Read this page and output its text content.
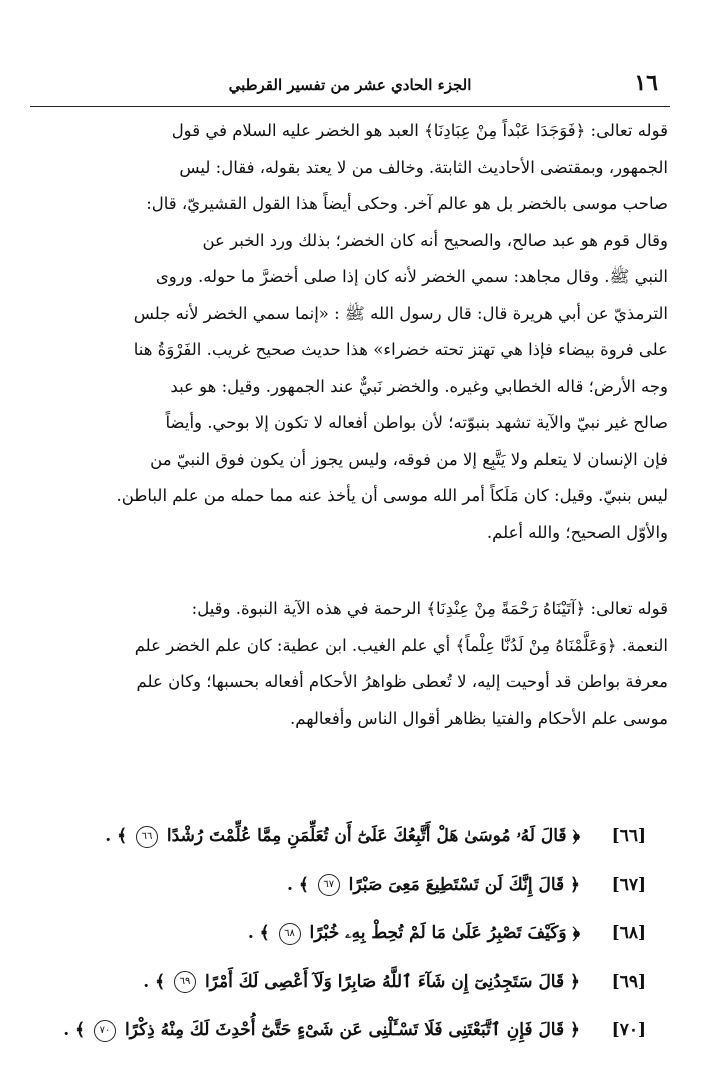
١٦
الجزء الحادي عشر من تفسير القرطبي

قوله تعالى: ﴿فَوَجَدَا عَبْداً مِنْ عِبَادِنَا﴾ العبد هو الخضر عليه السلام في قول

الجمهور، وبمقتضى الأحاديث الثابتة. وخالف من لا يعتد بقوله، فقال: ليس

صاحب موسى بالخضر بل هو عالم آخر. وحكى أيضاً هذا القول القشيريّ، قال:

وقال قوم هو عبد صالح، والصحيح أنه كان الخضر؛ بذلك ورد الخبر عن

النبي ﷺ. وقال مجاهد: سمي الخضر لأنه كان إذا صلى أخضرَّ ما حوله. وروى

الترمذيّ عن أبي هريرة قال: قال رسول الله ﷺ : «إنما سمي الخضر لأنه جلس

على فروة بيضاء فإذا هي تهتز تحته خضراء» هذا حديث صحيح غريب. الفَرْوَةُ هنا

وجه الأرض؛ قاله الخطابي وغيره. والخضر نَبيٌّ عند الجمهور. وقيل: هو عبد

صالح غير نبيّ والآية تشهد بنبوّته؛ لأن بواطن أفعاله لا تكون إلا بوحي. وأيضاً

فإن الإنسان لا يتعلم ولا يَتَّبِع إلا من فوقه، وليس يجوز أن يكون فوق النبيّ من

ليس بنبيّ. وقيل: كان مَلَكاً أمر الله موسى أن يأخذ عنه مما حمله من علم الباطن.

والأوّل الصحيح؛ والله أعلم.

قوله تعالى: ﴿آتَيْنَاهُ رَحْمَةً مِنْ عِنْدِنَا﴾ الرحمة في هذه الآية النبوة. وقيل:

النعمة. ﴿وَعَلَّمْنَاهُ مِنْ لَدُنَّا عِلْماً﴾ أي علم الغيب. ابن عطية: كان علم الخضر علم

معرفة بواطن قد أوحيت إليه، لا تُعطى ظواهرُ الأحكام أفعاله بحسبها؛ وكان علم

موسى علم الأحكام والفتيا بظاهر أقوال الناس وأفعالهم.

[٦٦]
﴿ قَالَ لَهُۥ مُوسَىٰ هَلْ أَتَّبِعُكَ عَلَىٰٓ أَن تُعَلِّمَنِ مِمَّا عُلِّمْتَ رُشْدًا ٦٦ ﴾ .
[٦٧]
﴿ قَالَ إِنَّكَ لَن تَسْتَطِيعَ مَعِىَ صَبْرًا ٦٧ ﴾ .
[٦٨]
﴿ وَكَيْفَ تَصْبِرُ عَلَىٰ مَا لَمْ تُحِطْ بِهِۦ خُبْرًا ٦٨ ﴾ .
[٦٩]
﴿ قَالَ سَتَجِدُنِىٓ إِن شَآءَ ٱللَّهُ صَابِرًا وَلَآ أَعْصِى لَكَ أَمْرًا ٦٩ ﴾ .
[٧٠]
﴿ قَالَ فَإِنِ ٱتَّبَعْتَنِى فَلَا تَسْـَٔلْنِى عَن شَىْءٍ حَتَّىٰٓ أُحْدِثَ لَكَ مِنْهُ ذِكْرًا ٧٠ ﴾ .
